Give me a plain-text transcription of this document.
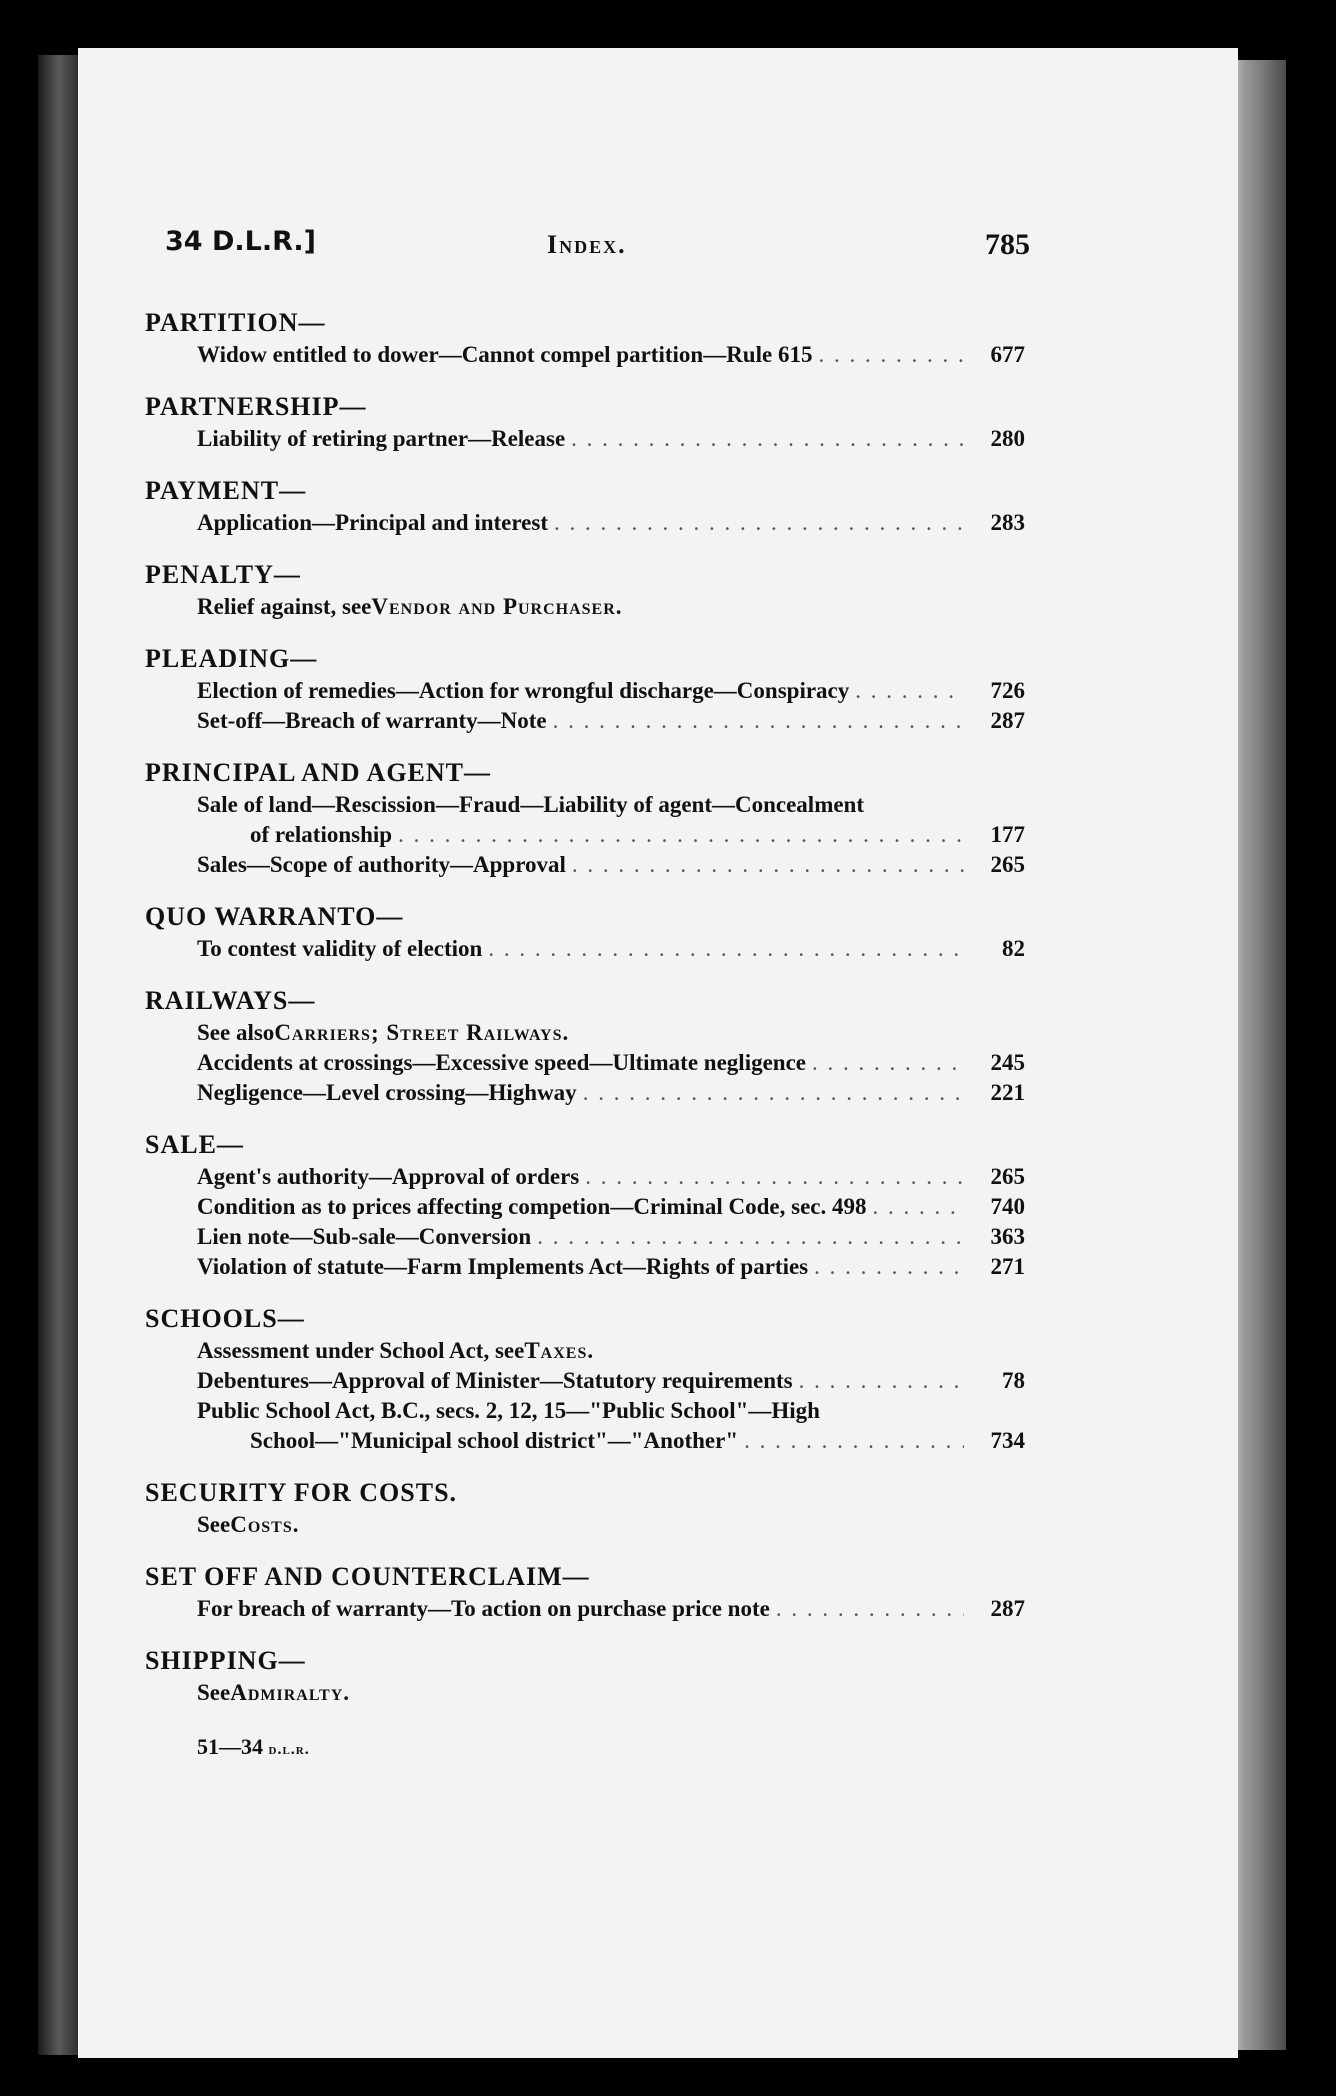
34 D.L.R.]	Index.	785
PARTITION—
Widow entitled to dower—Cannot compel partition—Rule 615 . . .	677
PARTNERSHIP—
Liability of retiring partner—Release . . .	280
PAYMENT—
Application—Principal and interest . . .	283
PENALTY—
Relief against, see Vendor and Purchaser.
PLEADING—
Election of remedies—Action for wrongful discharge—Conspiracy . . .	726
Set-off—Breach of warranty—Note . . .	287
PRINCIPAL AND AGENT—
Sale of land—Rescission—Fraud—Liability of agent—Concealment
of relationship . . .	177
Sales—Scope of authority—Approval . . .	265
QUO WARRANTO—
To contest validity of election . . .	82
RAILWAYS—
See also Carriers; Street Railways.
Accidents at crossings—Excessive speed—Ultimate negligence . . .	245
Negligence—Level crossing—Highway . . .	221
SALE—
Agent's authority—Approval of orders . . .	265
Condition as to prices affecting competion—Criminal Code, sec. 498 . . .	740
Lien note—Sub-sale—Conversion . . .	363
Violation of statute—Farm Implements Act—Rights of parties . . .	271
SCHOOLS—
Assessment under School Act, see Taxes.
Debentures—Approval of Minister—Statutory requirements . . .	78
Public School Act, B.C., secs. 2, 12, 15—"Public School"—High
School—"Municipal school district"—"Another" . . .	734
SECURITY FOR COSTS.
See Costs.
SET OFF AND COUNTERCLAIM—
For breach of warranty—To action on purchase price note . . .	287
SHIPPING—
See Admiralty.
51—34 d.l.r.
